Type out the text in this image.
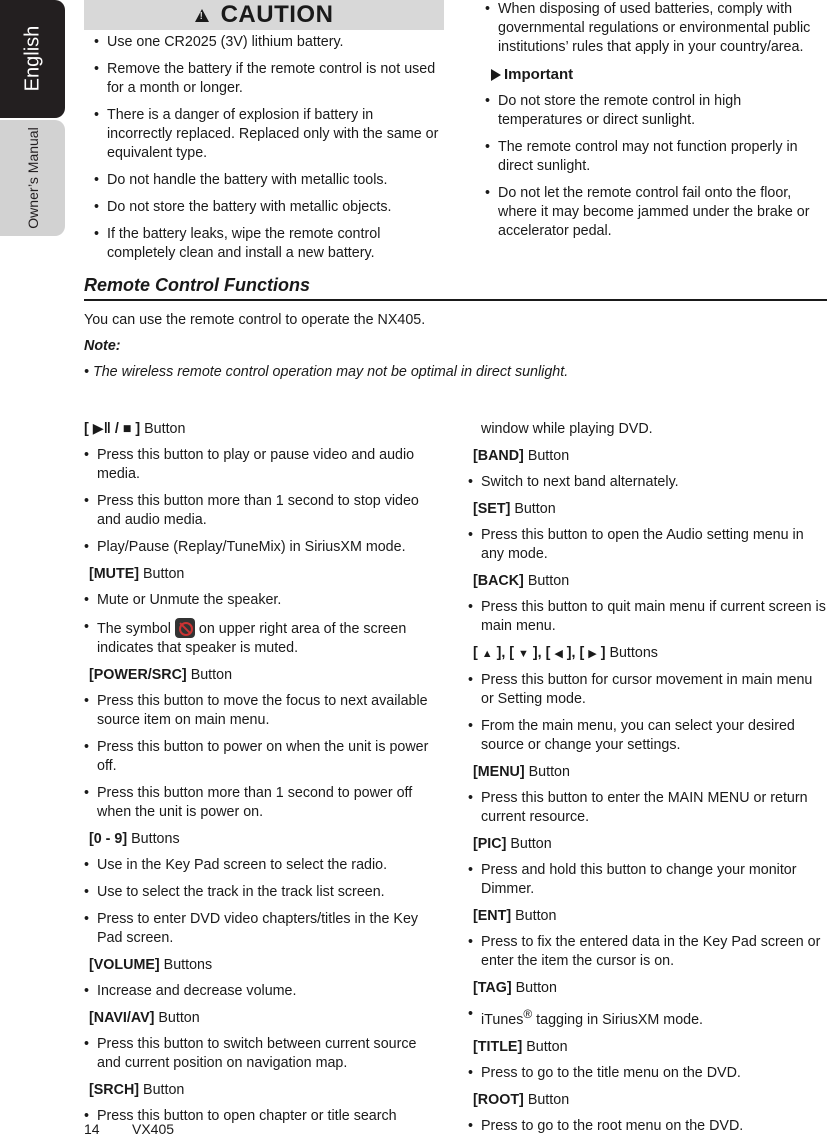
English
Owner’s Manual
! CAUTION
• Use one CR2025 (3V) lithium battery.
• Remove the battery if the remote control is not used for a month or longer.
• There is a danger of explosion if battery in incorrectly replaced. Replaced only with the same or equivalent type.
• Do not handle the battery with metallic tools.
• Do not store the battery with metallic objects.
• If the battery leaks, wipe the remote control completely clean and install a new battery.
• When disposing of used batteries, comply with governmental regulations or environmental public institutions’ rules that apply in your country/area.
Important
• Do not store the remote control in high temperatures or direct sunlight.
• The remote control may not function properly in direct sunlight.
• Do not let the remote control fail onto the floor, where it may become jammed under the brake or accelerator pedal.
Remote Control Functions
You can use the remote control to operate the NX405.
Note:
• The wireless remote control operation may not be optimal in direct sunlight.
[ ▶‖ / ■ ] Button
• Press this button to play or pause video and audio media.
• Press this button more than 1 second to stop video and audio media.
• Play/Pause (Replay/TuneMix) in SiriusXM mode.
[MUTE] Button
• Mute or Unmute the speaker.
• The symbol on upper right area of the screen indicates that speaker is muted.
[POWER/SRC] Button
• Press this button to move the focus to next available source item on main menu.
• Press this button to power on when the unit is power off.
• Press this button more than 1 second to power off when the unit is power on.
[0 - 9] Buttons
• Use in the Key Pad screen to select the radio.
• Use to select the track in the track list screen.
• Press to enter DVD video chapters/titles in the Key Pad screen.
[VOLUME] Buttons
• Increase and decrease volume.
[NAVI/AV] Button
• Press this button to switch between current source and current position on navigation map.
[SRCH] Button
• Press this button to open chapter or title search
window while playing DVD.
[BAND] Button
• Switch to next band alternately.
[SET] Button
• Press this button to open the Audio setting menu in any mode.
[BACK] Button
• Press this button to quit main menu if current screen is main menu.
[ ▲ ], [ ▼ ], [ ◀ ], [ ▶ ] Buttons
• Press this button for cursor movement in main menu or Setting mode.
• From the main menu, you can select your desired source or change your settings.
[MENU] Button
• Press this button to enter the MAIN MENU or return current resource.
[PIC] Button
• Press and hold this button to change your monitor Dimmer.
[ENT] Button
• Press to fix the entered data in the Key Pad screen or enter the item the cursor is on.
[TAG] Button
• iTunes® tagging in SiriusXM mode.
[TITLE] Button
• Press to go to the title menu on the DVD.
[ROOT] Button
• Press to go to the root menu on the DVD.
14 VX405
